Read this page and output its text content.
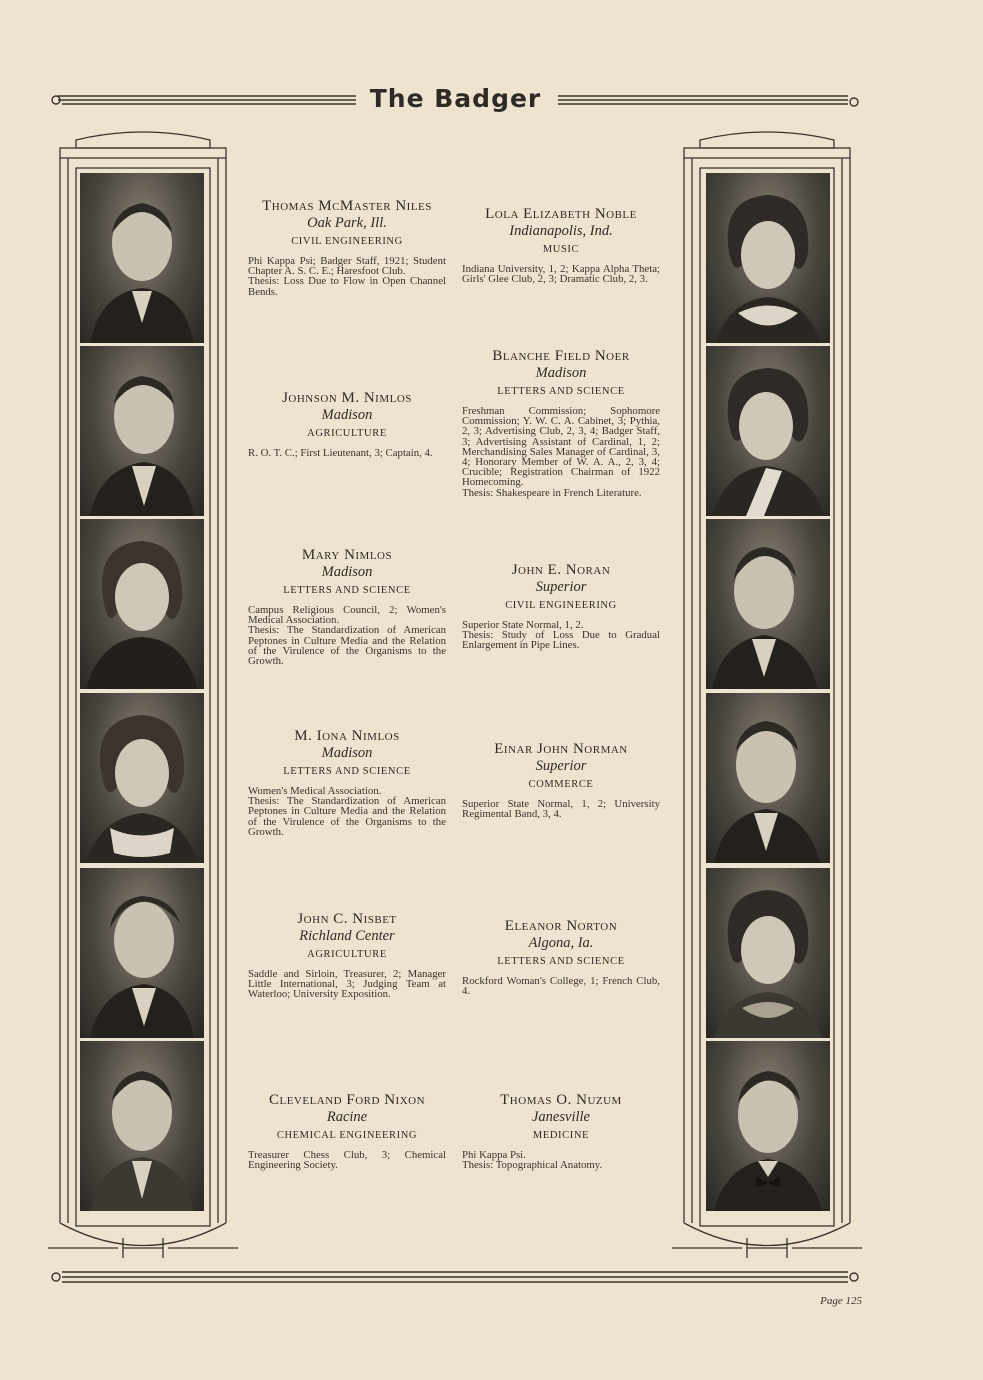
The Badger
Thomas McMaster Niles
Oak Park, Ill.
CIVIL ENGINEERING
Phi Kappa Psi; Badger Staff, 1921; Student Chapter A. S. C. E.; Haresfoot Club.
Thesis: Loss Due to Flow in Open Channel Bends.
Johnson M. Nimlos
Madison
AGRICULTURE
R. O. T. C.; First Lieutenant, 3; Captain, 4.
Mary Nimlos
Madison
LETTERS AND SCIENCE
Campus Religious Council, 2; Women's Medical Association.
Thesis: The Standardization of American Peptones in Culture Media and the Relation of the Virulence of the Organisms to the Growth.
M. Iona Nimlos
Madison
LETTERS AND SCIENCE
Women's Medical Association.
Thesis: The Standardization of American Peptones in Culture Media and the Relation of the Virulence of the Organisms to the Growth.
John C. Nisbet
Richland Center
AGRICULTURE
Saddle and Sirloin, Treasurer, 2; Manager Little International, 3; Judging Team at Waterloo; University Exposition.
Cleveland Ford Nixon
Racine
CHEMICAL ENGINEERING
Treasurer Chess Club, 3; Chemical Engineering Society.
Lola Elizabeth Noble
Indianapolis, Ind.
MUSIC
Indiana University, 1, 2; Kappa Alpha Theta; Girls' Glee Club, 2, 3; Dramatic Club, 2, 3.
Blanche Field Noer
Madison
LETTERS AND SCIENCE
Freshman Commission; Sophomore Commission; Y. W. C. A. Cabinet, 3; Pythia, 2, 3; Advertising Club, 2, 3, 4; Badger Staff, 3; Advertising Assistant of Cardinal, 1, 2; Merchandising Sales Manager of Cardinal, 3, 4; Honorary Member of W. A. A., 2, 3, 4; Crucible; Registration Chairman of 1922 Homecoming.
Thesis: Shakespeare in French Literature.
John E. Noran
Superior
CIVIL ENGINEERING
Superior State Normal, 1, 2.
Thesis: Study of Loss Due to Gradual Enlargement in Pipe Lines.
Einar John Norman
Superior
COMMERCE
Superior State Normal, 1, 2; University Regimental Band, 3, 4.
Eleanor Norton
Algona, Ia.
LETTERS AND SCIENCE
Rockford Woman's College, 1; French Club, 4.
Thomas O. Nuzum
Janesville
MEDICINE
Phi Kappa Psi.
Thesis: Topographical Anatomy.
Page 125
